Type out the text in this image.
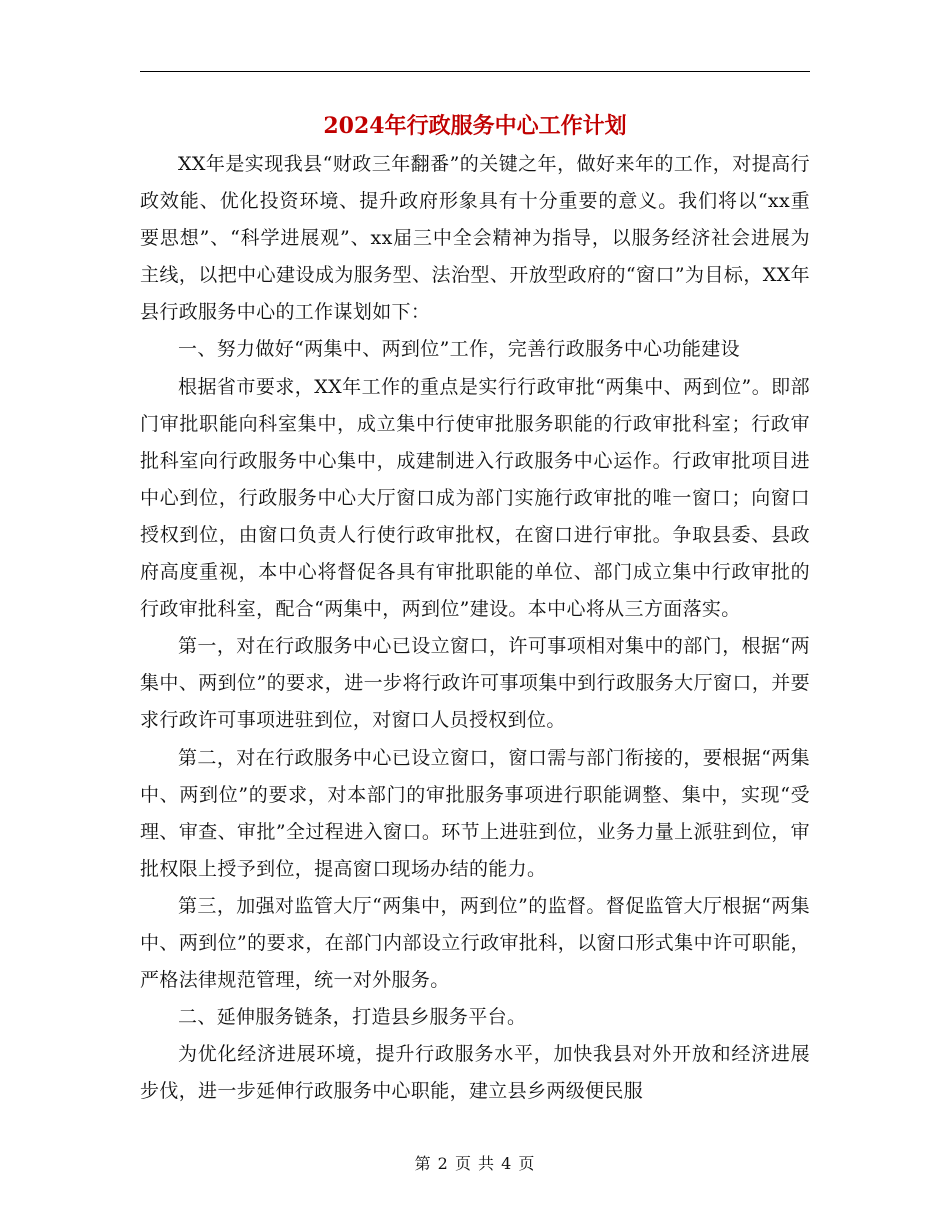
2024年行政服务中心工作计划

XX年是实现我县“财政三年翻番”的关键之年，做好来年的工作，对提高行政效能、优化投资环境、提升政府形象具有十分重要的意义。我们将以“xx重要思想”、“科学进展观”、xx届三中全会精神为指导，以服务经济社会进展为主线，以把中心建设成为服务型、法治型、开放型政府的“窗口”为目标，XX年县行政服务中心的工作谋划如下：

一、努力做好“两集中、两到位”工作，完善行政服务中心功能建设

根据省市要求，XX年工作的重点是实行行政审批“两集中、两到位”。即部门审批职能向科室集中，成立集中行使审批服务职能的行政审批科室；行政审批科室向行政服务中心集中，成建制进入行政服务中心运作。行政审批项目进中心到位，行政服务中心大厅窗口成为部门实施行政审批的唯一窗口；向窗口授权到位，由窗口负责人行使行政审批权，在窗口进行审批。争取县委、县政府高度重视，本中心将督促各具有审批职能的单位、部门成立集中行政审批的行政审批科室，配合“两集中，两到位”建设。本中心将从三方面落实。

第一，对在行政服务中心已设立窗口，许可事项相对集中的部门，根据“两集中、两到位”的要求，进一步将行政许可事项集中到行政服务大厅窗口，并要求行政许可事项进驻到位，对窗口人员授权到位。

第二，对在行政服务中心已设立窗口，窗口需与部门衔接的，要根据“两集中、两到位”的要求，对本部门的审批服务事项进行职能调整、集中，实现“受理、审查、审批”全过程进入窗口。环节上进驻到位，业务力量上派驻到位，审批权限上授予到位，提高窗口现场办结的能力。

第三，加强对监管大厅“两集中，两到位”的监督。督促监管大厅根据“两集中、两到位”的要求，在部门内部设立行政审批科，以窗口形式集中许可职能，严格法律规范管理，统一对外服务。

二、延伸服务链条，打造县乡服务平台。

为优化经济进展环境，提升行政服务水平，加快我县对外开放和经济进展步伐，进一步延伸行政服务中心职能，建立县乡两级便民服

第 2 页 共 4 页
